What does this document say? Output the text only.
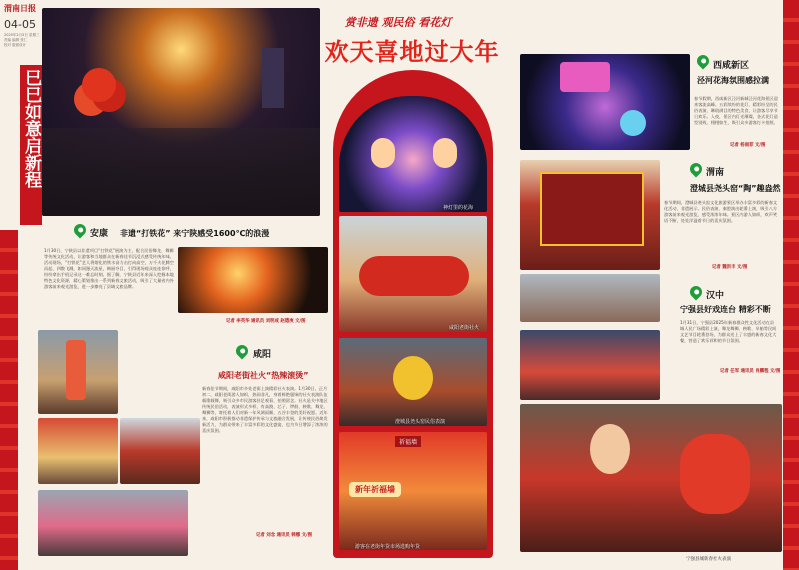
渭南日报
04-05
2025年2月5日 星期三
责编 编辑 张仁
校对 版面设计
巳巳如意启新程
赏非遗 观民俗 看花灯
欢天喜地过大年
神灯里的花海
咸阳老街社火
澄城县尧头窑民俗表演
祈福墙
新年祈福墙
游客在老街年货市场选购年货
安康 非遗“打铁花” 来宁陕感受1600℃的浪漫
1月30日，宁陕县以非遗项目“打铁花”展演为主，配合民俗舞龙、舞狮等传统文化活动，让游客和当地群众在新春佳节沉浸式感受传统年味。活动现场，“打铁花”艺人将熔化的铁水奋力击打向高空，万千火花腾空而起、四散飞溅，如同漫天流星，绚丽夺目，引得现场观众连连惊呼，纷纷拿出手机记录这一难忘时刻。据了解，宁陕县近年来深入挖掘本地特色文化资源，精心策划推出一系列新春文旅活动，吸引了大量省内外游客前来观光游览，进一步擦亮了县域文旅品牌。
记者 李英华 通讯员 刘明成 赵德庚 文/图
咸阳
咸阳老街社火“热辣滚烫”
新春佳节期间，咸阳市多处老街上演精彩社火表演。1月30日，正月初二，咸阳老街游人如织，热闹非凡，身着鲜艳服饰的社火表演队伍载歌载舞，吸引众多市民游客驻足观看、拍照留念。社火是关中地区传统民俗活动，表演形式多样，有高跷、芯子、锣鼓、秧歌、舞龙、舞狮等，寄托着人们对新一年风调雨顺、五谷丰登的美好祝愿。近年来，咸阳市积极推动非遗保护传承与文旅融合发展，让传统民俗焕发新活力，为群众带来了丰富多彩的文化盛宴，也为节日增添了浓浓的喜庆氛围。
记者 刘念 通讯员 韩娜 文/图
西咸新区
泾河花海氛围感拉满
春节假期，西咸新区泾河新城泾河花海景区迎来客流高峰。五彩缤纷的花灯、精彩纷呈的民俗表演、琳琅满目的特色美食，让游客尽享节日欢乐。入夜，景区内灯光璀璨，各式花灯造型别致、栩栩如生，吸引众多游客打卡拍照。
记者 杨雨菲 文/图
渭南
澄城县尧头窑“陶”趣盎然
春节期间，澄城县尧头窑文化旅游景区举办丰富多彩的新春文化活动，非遗展示、民俗表演、秦腔演出轮番上演，吸引八方游客前来观光游览，感受浓浓年味。景区内游人如织，欢声笑语不断，处处洋溢着节日的喜庆氛围。
记者 魏洪丰 文/图
汉中
宁强县好戏连台 精彩不断
1月31日，宁强县2025年新春群众性文化活动在县城人民广场精彩上演，舞龙舞狮、秧歌、旱船等民间文艺节目轮番登场，为群众送上了丰盛的新春文化大餐，营造了欢乐祥和的节日氛围。
记者 任军 通讯员 肖鹏程 文/图
宁强县城新春社火表演
